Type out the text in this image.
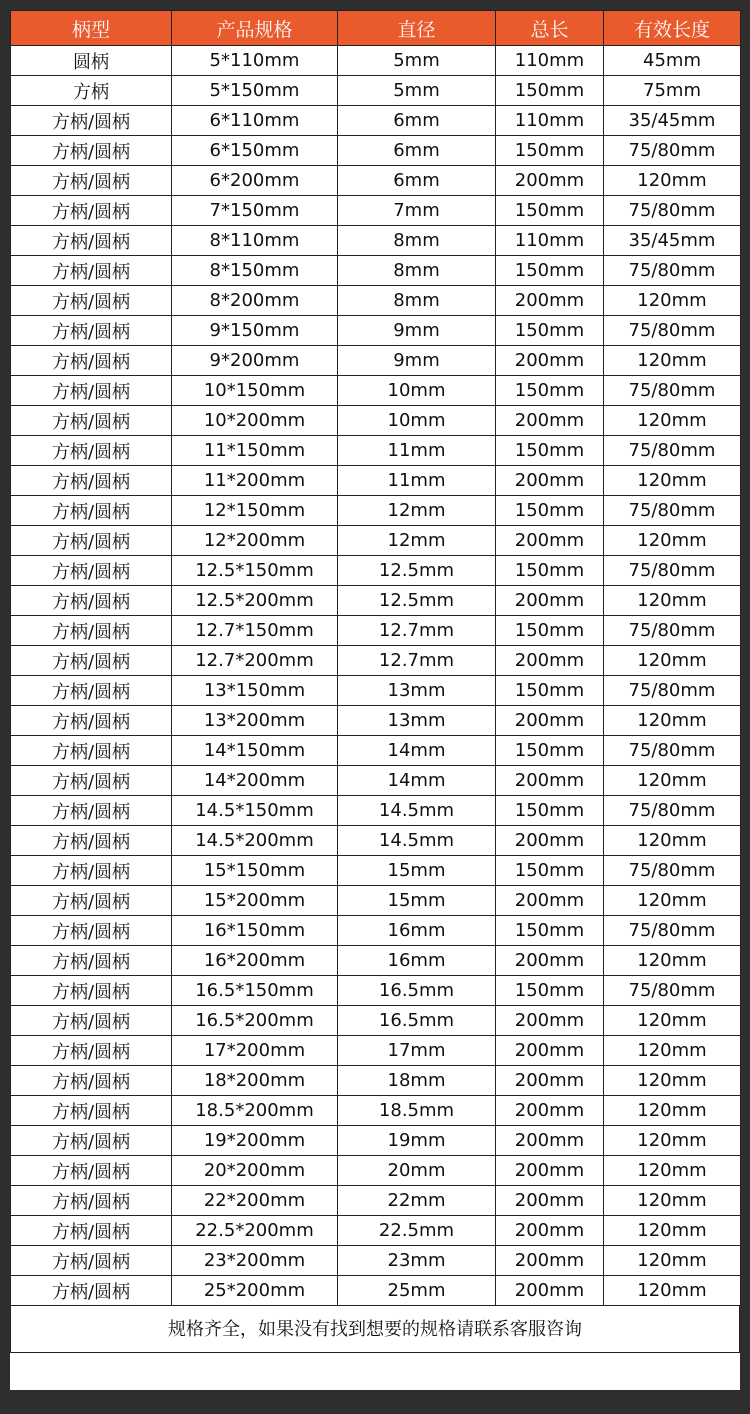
柄型	产品规格	直径	总长	有效长度
圆柄	5*110mm	5mm	110mm	45mm
方柄	5*150mm	5mm	150mm	75mm
方柄/圆柄	6*110mm	6mm	110mm	35/45mm
方柄/圆柄	6*150mm	6mm	150mm	75/80mm
方柄/圆柄	6*200mm	6mm	200mm	120mm
方柄/圆柄	7*150mm	7mm	150mm	75/80mm
方柄/圆柄	8*110mm	8mm	110mm	35/45mm
方柄/圆柄	8*150mm	8mm	150mm	75/80mm
方柄/圆柄	8*200mm	8mm	200mm	120mm
方柄/圆柄	9*150mm	9mm	150mm	75/80mm
方柄/圆柄	9*200mm	9mm	200mm	120mm
方柄/圆柄	10*150mm	10mm	150mm	75/80mm
方柄/圆柄	10*200mm	10mm	200mm	120mm
方柄/圆柄	11*150mm	11mm	150mm	75/80mm
方柄/圆柄	11*200mm	11mm	200mm	120mm
方柄/圆柄	12*150mm	12mm	150mm	75/80mm
方柄/圆柄	12*200mm	12mm	200mm	120mm
方柄/圆柄	12.5*150mm	12.5mm	150mm	75/80mm
方柄/圆柄	12.5*200mm	12.5mm	200mm	120mm
方柄/圆柄	12.7*150mm	12.7mm	150mm	75/80mm
方柄/圆柄	12.7*200mm	12.7mm	200mm	120mm
方柄/圆柄	13*150mm	13mm	150mm	75/80mm
方柄/圆柄	13*200mm	13mm	200mm	120mm
方柄/圆柄	14*150mm	14mm	150mm	75/80mm
方柄/圆柄	14*200mm	14mm	200mm	120mm
方柄/圆柄	14.5*150mm	14.5mm	150mm	75/80mm
方柄/圆柄	14.5*200mm	14.5mm	200mm	120mm
方柄/圆柄	15*150mm	15mm	150mm	75/80mm
方柄/圆柄	15*200mm	15mm	200mm	120mm
方柄/圆柄	16*150mm	16mm	150mm	75/80mm
方柄/圆柄	16*200mm	16mm	200mm	120mm
方柄/圆柄	16.5*150mm	16.5mm	150mm	75/80mm
方柄/圆柄	16.5*200mm	16.5mm	200mm	120mm
方柄/圆柄	17*200mm	17mm	200mm	120mm
方柄/圆柄	18*200mm	18mm	200mm	120mm
方柄/圆柄	18.5*200mm	18.5mm	200mm	120mm
方柄/圆柄	19*200mm	19mm	200mm	120mm
方柄/圆柄	20*200mm	20mm	200mm	120mm
方柄/圆柄	22*200mm	22mm	200mm	120mm
方柄/圆柄	22.5*200mm	22.5mm	200mm	120mm
方柄/圆柄	23*200mm	23mm	200mm	120mm
方柄/圆柄	25*200mm	25mm	200mm	120mm
规格齐全，如果没有找到想要的规格请联系客服咨询
